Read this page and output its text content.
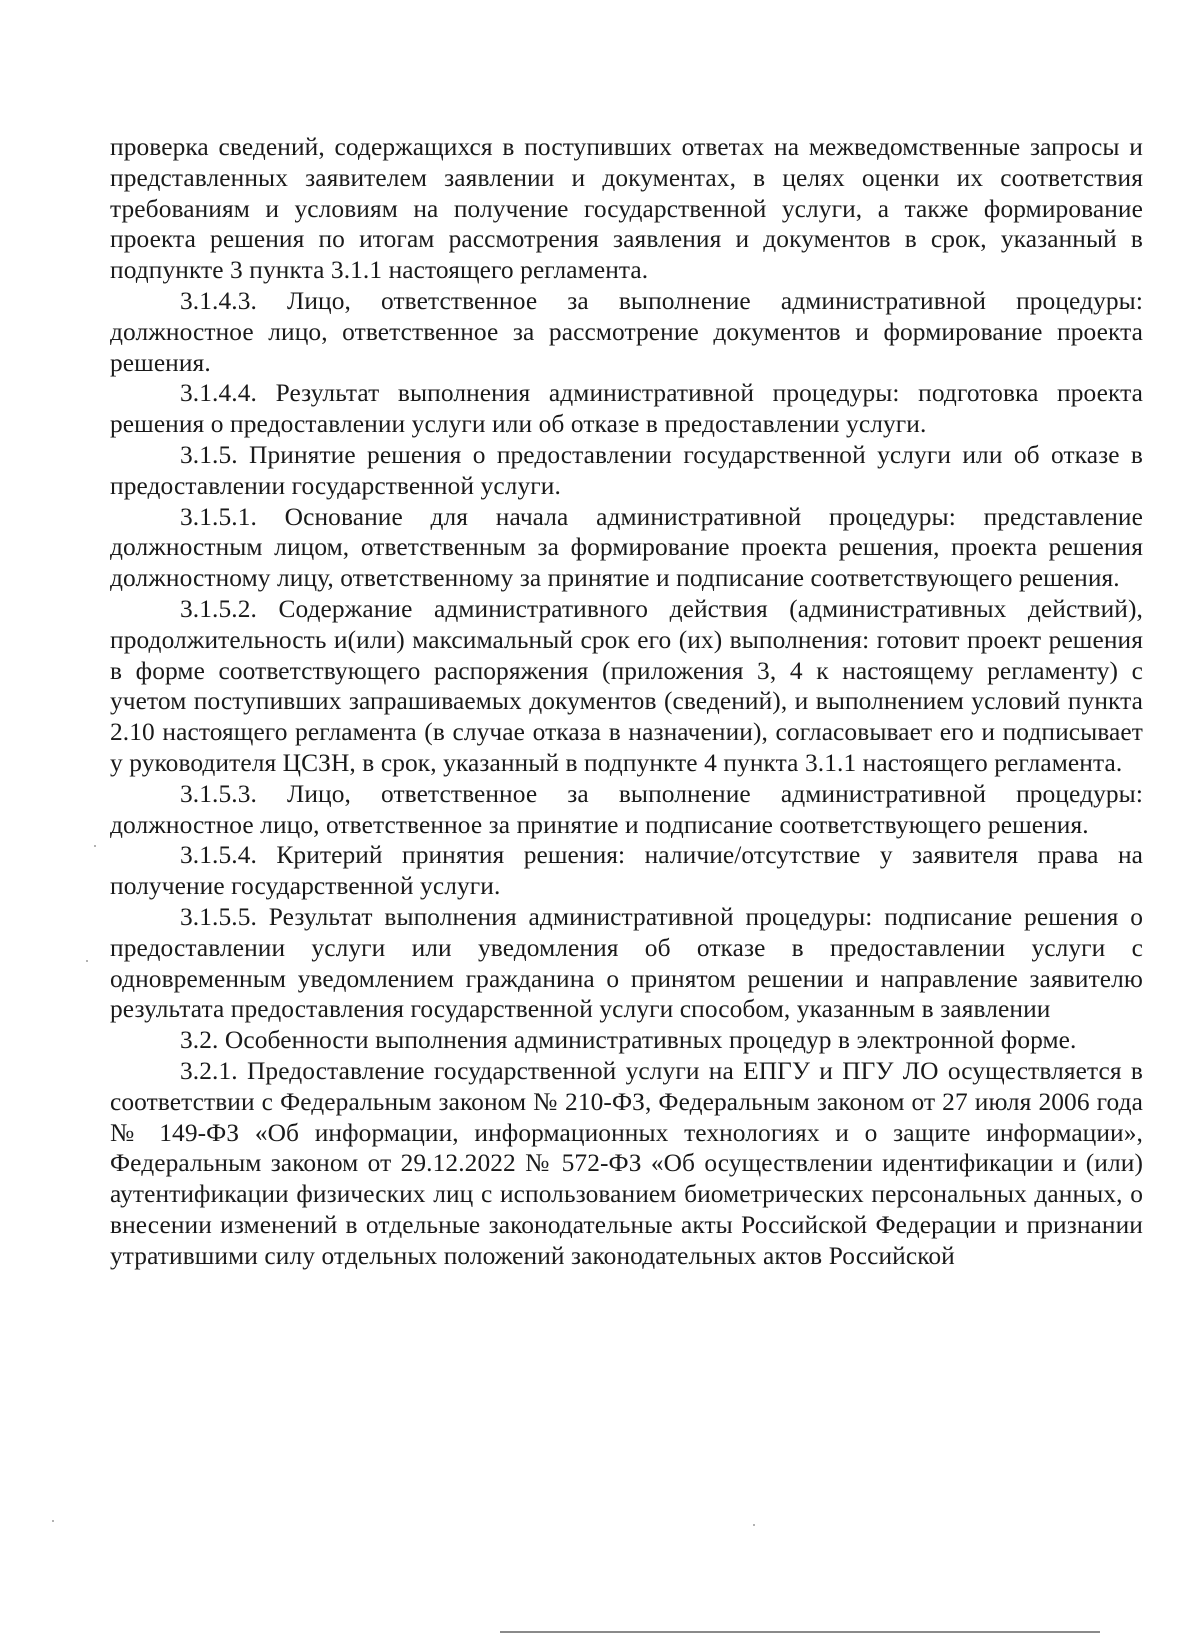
проверка сведений, содержащихся в поступивших ответах на межведомственные запросы и представленных заявителем заявлении и документах, в целях оценки их соответствия требованиям и условиям на получение государственной услуги, а также формирование проекта решения по итогам рассмотрения заявления и документов в срок, указанный в подпункте 3 пункта 3.1.1 настоящего регламента.

3.1.4.3. Лицо, ответственное за выполнение административной процедуры: должностное лицо, ответственное за рассмотрение документов и формирование проекта решения.

3.1.4.4. Результат выполнения административной процедуры: подготовка проекта решения о предоставлении услуги или об отказе в предоставлении услуги.

3.1.5. Принятие решения о предоставлении государственной услуги или об отказе в предоставлении государственной услуги.

3.1.5.1. Основание для начала административной процедуры: представление должностным лицом, ответственным за формирование проекта решения, проекта решения должностному лицу, ответственному за принятие и подписание соответствующего решения.

3.1.5.2. Содержание административного действия (административных действий), продолжительность и(или) максимальный срок его (их) выполнения: готовит проект решения в форме соответствующего распоряжения (приложения 3, 4 к настоящему регламенту) с учетом поступивших запрашиваемых документов (сведений), и выполнением условий пункта 2.10 настоящего регламента (в случае отказа в назначении), согласовывает его и подписывает у руководителя ЦСЗН, в срок, указанный в подпункте 4 пункта 3.1.1 настоящего регламента.

3.1.5.3. Лицо, ответственное за выполнение административной процедуры: должностное лицо, ответственное за принятие и подписание соответствующего решения.

3.1.5.4. Критерий принятия решения: наличие/отсутствие у заявителя права на получение государственной услуги.

3.1.5.5. Результат выполнения административной процедуры: подписание решения о предоставлении услуги или уведомления об отказе в предоставлении услуги с одновременным уведомлением гражданина о принятом решении и направление заявителю результата предоставления государственной услуги способом, указанным в заявлении

3.2. Особенности выполнения административных процедур в электронной форме.

3.2.1. Предоставление государственной услуги на ЕПГУ и ПГУ ЛО осуществляется в соответствии с Федеральным законом № 210-ФЗ, Федеральным законом от 27 июля 2006 года № 149-ФЗ «Об информации, информационных технологиях и о защите информации», Федеральным законом от 29.12.2022 № 572-ФЗ «Об осуществлении идентификации и (или) аутентификации физических лиц с использованием биометрических персональных данных, о внесении изменений в отдельные законодательные акты Российской Федерации и признании утратившими силу отдельных положений законодательных актов Российской
